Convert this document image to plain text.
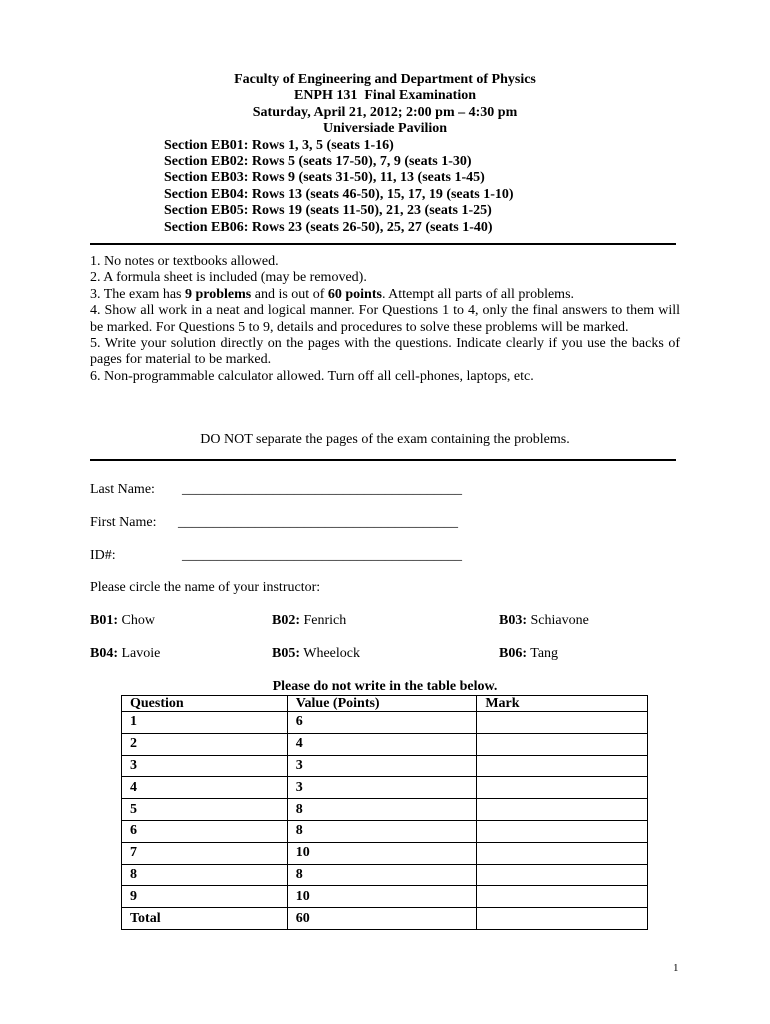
Faculty of Engineering and Department of Physics
ENPH 131  Final Examination
Saturday, April 21, 2012; 2:00 pm – 4:30 pm
Universiade Pavilion
Section EB01: Rows 1, 3, 5 (seats 1-16)
Section EB02: Rows 5 (seats 17-50), 7, 9 (seats 1-30)
Section EB03: Rows 9 (seats 31-50), 11, 13 (seats 1-45)
Section EB04: Rows 13 (seats 46-50), 15, 17, 19 (seats 1-10)
Section EB05: Rows 19 (seats 11-50), 21, 23 (seats 1-25)
Section EB06: Rows 23 (seats 26-50), 25, 27 (seats 1-40)

1. No notes or textbooks allowed.

2. A formula sheet is included (may be removed).

3. The exam has 9 problems and is out of 60 points. Attempt all parts of all problems.

4. Show all work in a neat and logical manner. For Questions 1 to 4, only the final answers to them will be marked. For Questions 5 to 9, details and procedures to solve these problems will be marked.

5. Write your solution directly on the pages with the questions. Indicate clearly if you use the backs of pages for material to be marked.

6. Non-programmable calculator allowed. Turn off all cell-phones, laptops, etc.

DO NOT separate the pages of the exam containing the problems.
Last Name: ________________________________________
First Name: ________________________________________
ID#:	________________________________________
Please circle the name of your instructor:
B01: Chow	B02: Fenrich	B03: Schiavone
B04: Lavoie	B05: Wheelock	B06: Tang
Please do not write in the table below.
Question	Value (Points)	Mark
1	6	
2	4	
3	3	
4	3	
5	8	
6	8	
7	10	
8	8	
9	10	
Total	60	
1
